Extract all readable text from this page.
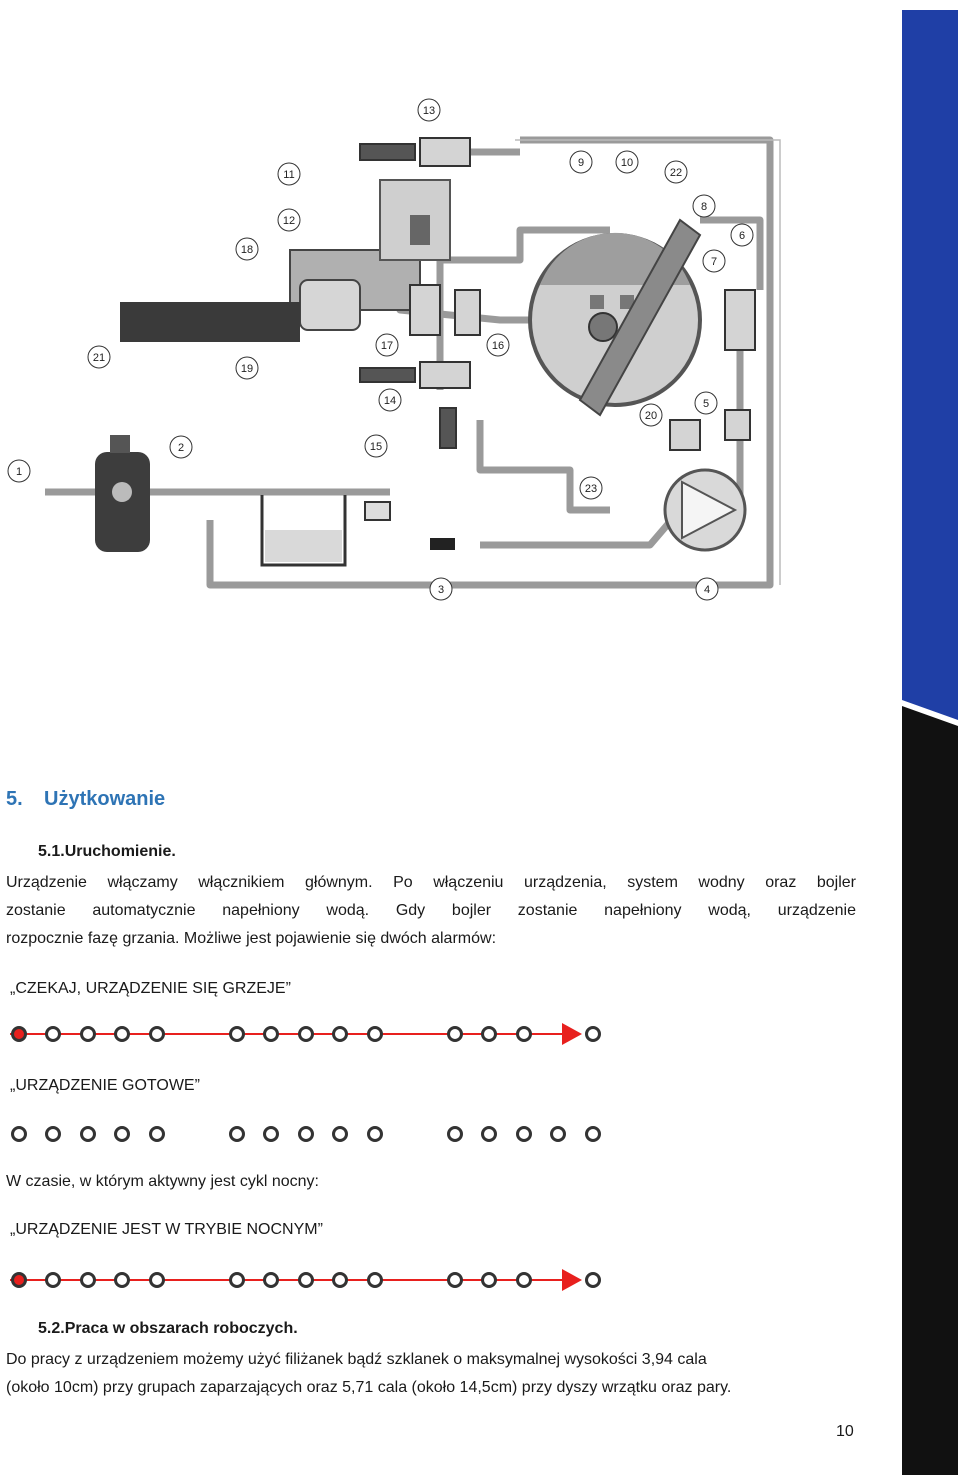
13
9	10
22
11
8
12
6
18
7
17	16
21
19
14	5
20
2	15
1
23
3	4
5. Użytkowanie
5.1.Uruchomienie.

Urządzenie włączamy włącznikiem głównym. Po włączeniu urządzenia, system wodny oraz bojler
zostanie automatycznie napełniony wodą. Gdy bojler zostanie napełniony wodą, urządzenie
rozpocznie fazę grzania. Możliwe jest pojawienie się dwóch alarmów:

„CZEKAJ, URZĄDZENIE SIĘ GRZEJE”

„URZĄDZENIE GOTOWE”

W czasie, w którym aktywny jest cykl nocny:

„URZĄDZENIE JEST W TRYBIE NOCNYM”

5.2.Praca w obszarach roboczych.

Do pracy z urządzeniem możemy użyć filiżanek bądź szklanek o maksymalnej wysokości 3,94 cala
(około 10cm) przy grupach zaparzających oraz 5,71 cala (około 14,5cm) przy dyszy wrzątku oraz pary.

10
